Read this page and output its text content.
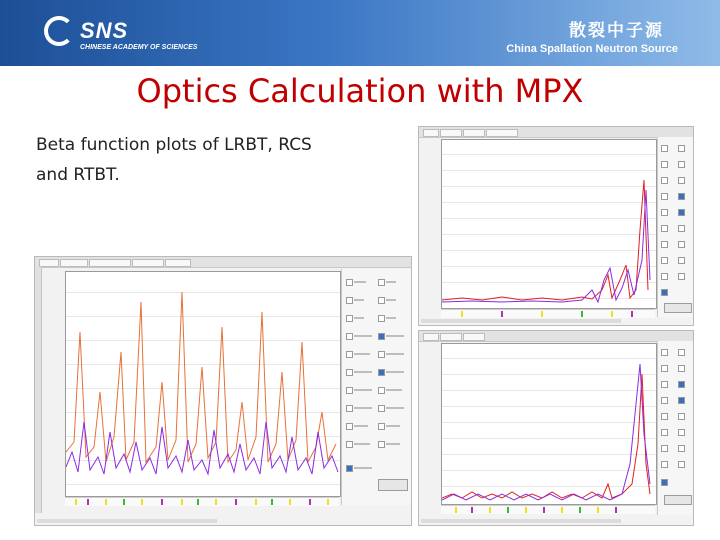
SNS
CHINESE ACADEMY OF SCIENCES
散裂中子源
China Spallation Neutron Source
Optics Calculation with MPX
Beta function plots of LRBT, RCS
and RTBT.
